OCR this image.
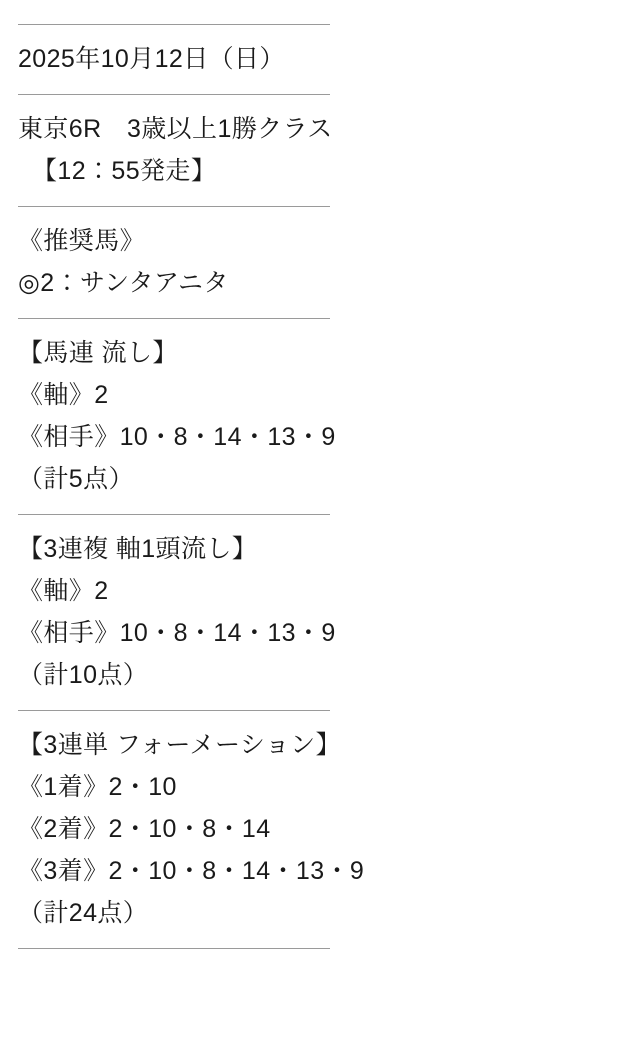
2025年10月12日（日）
東京6R　3歳以上1勝クラス
【12：55発走】
《推奨馬》
◎2：サンタアニタ
【馬連 流し】
《軸》2
《相手》10・8・14・13・9
（計5点）
【3連複 軸1頭流し】
《軸》2
《相手》10・8・14・13・9
（計10点）
【3連単 フォーメーション】
《1着》2・10
《2着》2・10・8・14
《3着》2・10・8・14・13・9
（計24点）
